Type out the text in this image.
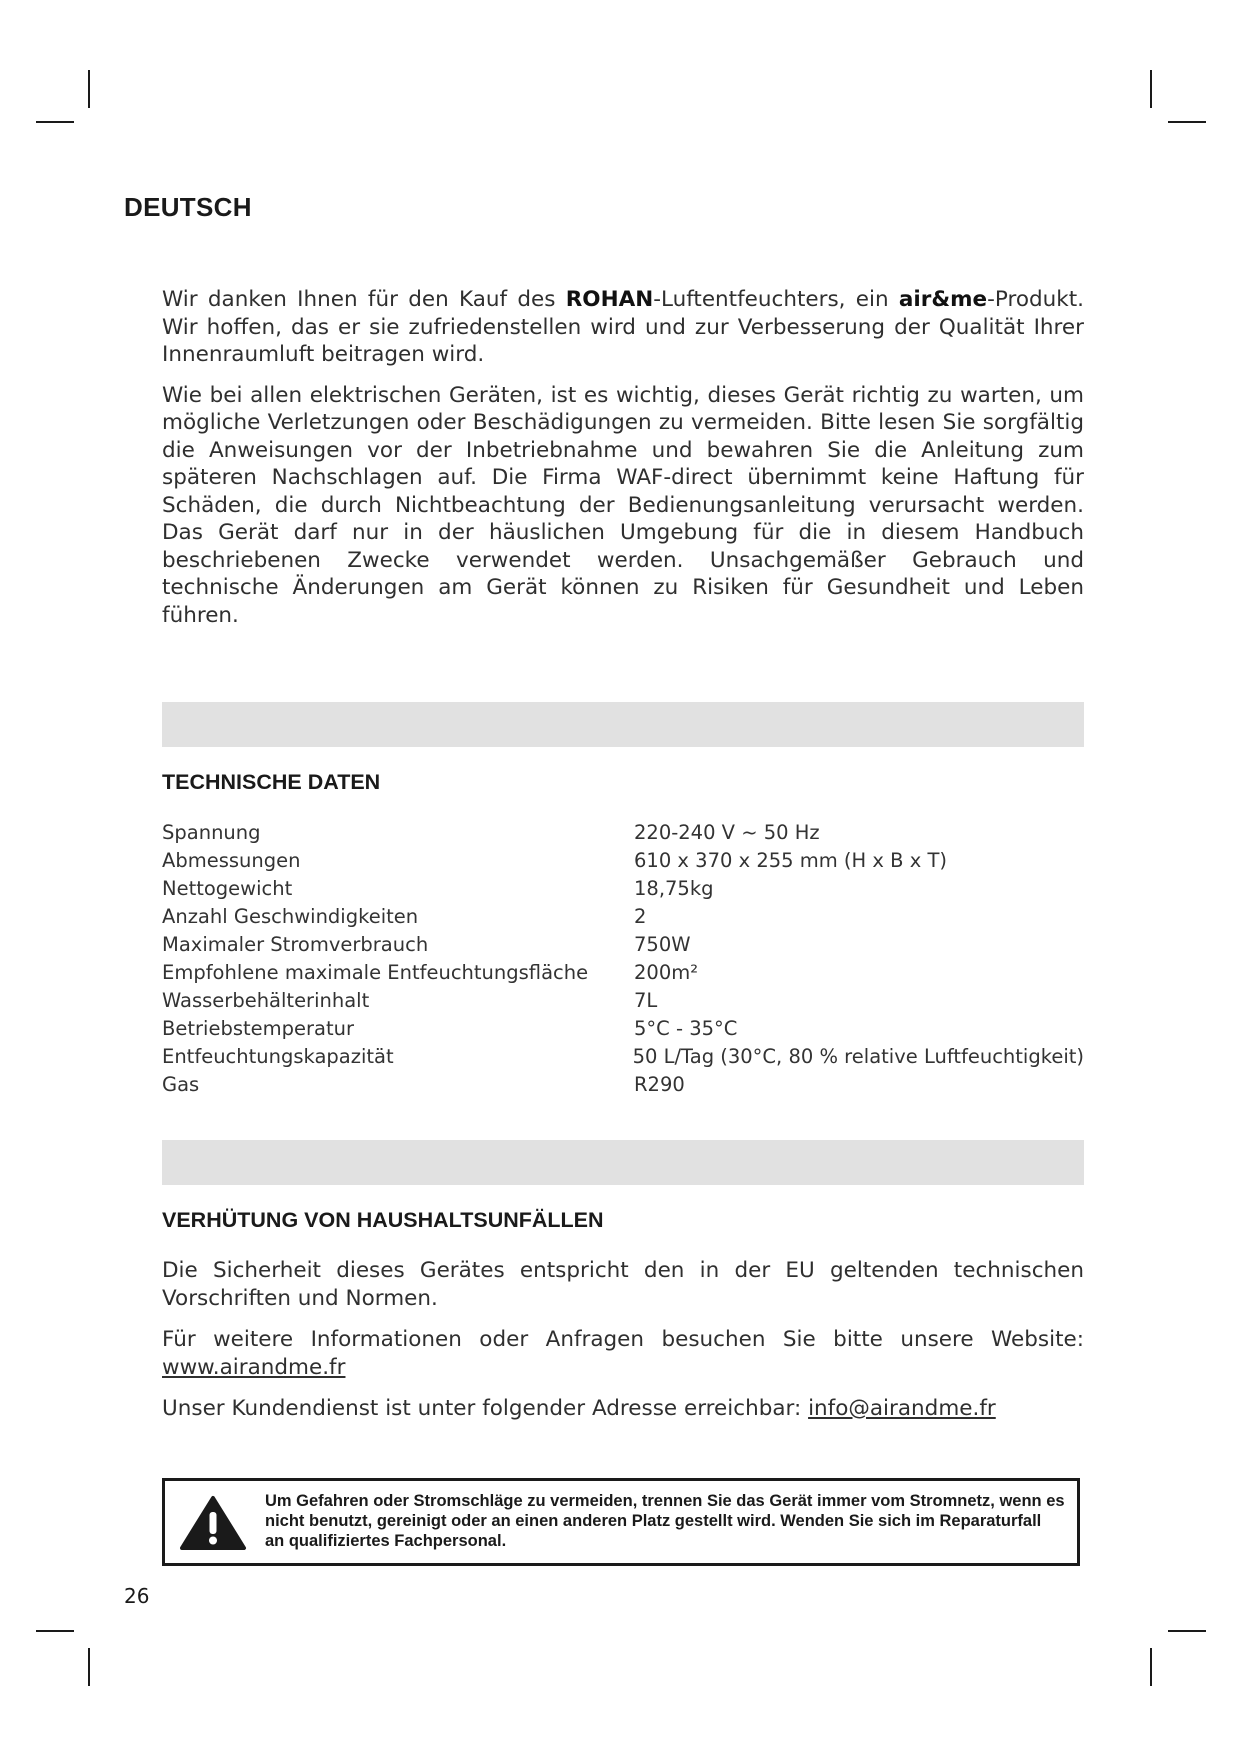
DEUTSCH

Wir danken Ihnen für den Kauf des ROHAN-Luftentfeuchters, ein air&me-Produkt. Wir hoffen, das er sie zufriedenstellen wird und zur Verbesserung der Qualität Ihrer Innenraumluft beitragen wird.

Wie bei allen elektrischen Geräten, ist es wichtig, dieses Gerät richtig zu warten, um mögliche Verletzungen oder Beschädigungen zu vermeiden. Bitte lesen Sie sorgfältig die Anweisungen vor der Inbetriebnahme und bewahren Sie die Anleitung zum späteren Nachschlagen auf. Die Firma WAF-direct übernimmt keine Haftung für Schäden, die durch Nichtbeachtung der Bedienungsanleitung verursacht werden. Das Gerät darf nur in der häuslichen Umgebung für die in diesem Handbuch beschriebenen Zwecke verwendet werden. Unsachgemäßer Gebrauch und technische Änderungen am Gerät können zu Risiken für Gesundheit und Leben führen.

TECHNISCHE DATEN
Spannung	220-240 V ~ 50 Hz
Abmessungen	610 x 370 x 255 mm (H x B x T)
Nettogewicht	18,75kg
Anzahl Geschwindigkeiten	2
Maximaler Stromverbrauch	750W
Empfohlene maximale Entfeuchtungsfläche	200m²
Wasserbehälterinhalt	7L
Betriebstemperatur	5°C - 35°C
Entfeuchtungskapazität	50 L/Tag (30°C, 80 % relative Luftfeuchtigkeit)
Gas	R290
VERHÜTUNG VON HAUSHALTSUNFÄLLEN

Die Sicherheit dieses Gerätes entspricht den in der EU geltenden technischen Vorschriften und Normen.

Für weitere Informationen oder Anfragen besuchen Sie bitte unsere Website: www.airandme.fr

Unser Kundendienst ist unter folgender Adresse erreichbar: info@airandme.fr

Um Gefahren oder Stromschläge zu vermeiden, trennen Sie das Gerät immer vom Stromnetz, wenn es nicht benutzt, gereinigt oder an einen anderen Platz gestellt wird. Wenden Sie sich im Reparaturfall an qualifiziertes Fachpersonal.
26
